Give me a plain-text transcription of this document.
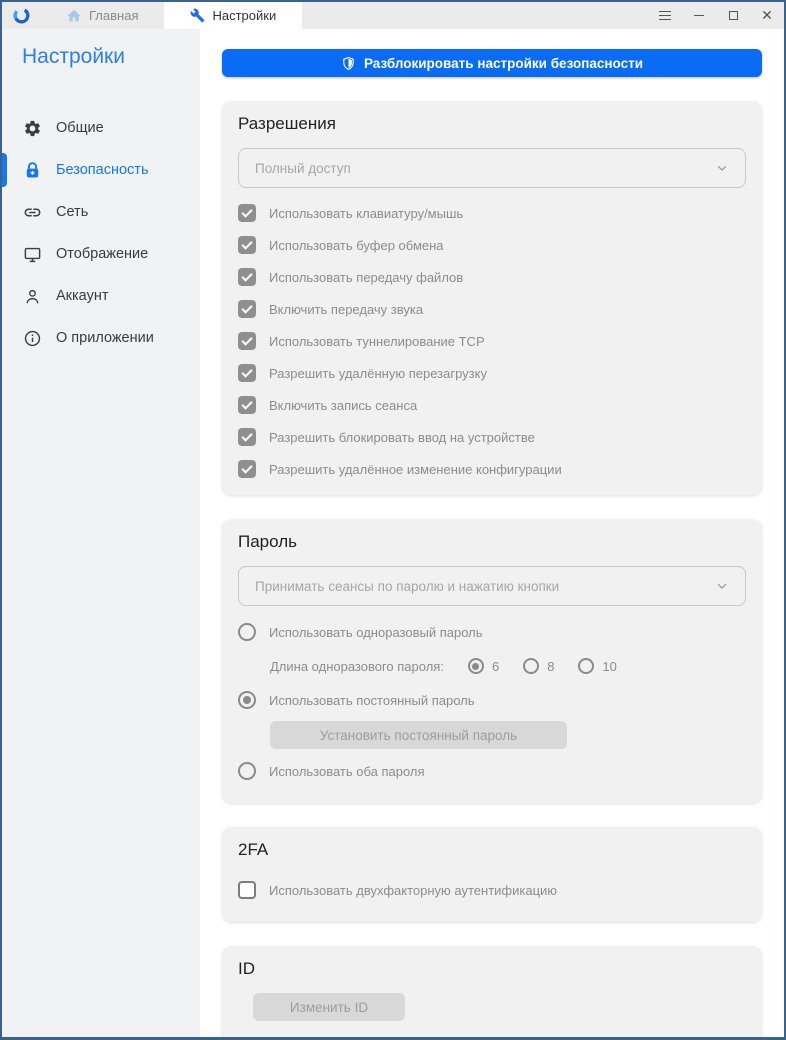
Главная	Настройки	✕
Настройки
Общие
Безопасность
Сеть
Отображение
Аккаунт
О приложении
Разблокировать настройки безопасности
Разрешения
Полный доступ
Использовать клавиатуру/мышь
Использовать буфер обмена
Использовать передачу файлов
Включить передачу звука
Использовать туннелирование TCP
Разрешить удалённую перезагрузку
Включить запись сеанса
Разрешить блокировать ввод на устройстве
Разрешить удалённое изменение конфигурации
Пароль
Принимать сеансы по паролю и нажатию кнопки
Использовать одноразовый пароль
Длина одноразового пароля:	6	8	10
Использовать постоянный пароль
Установить постоянный пароль
Использовать оба пароля
2FA
Использовать двухфакторную аутентификацию
ID
Изменить ID
